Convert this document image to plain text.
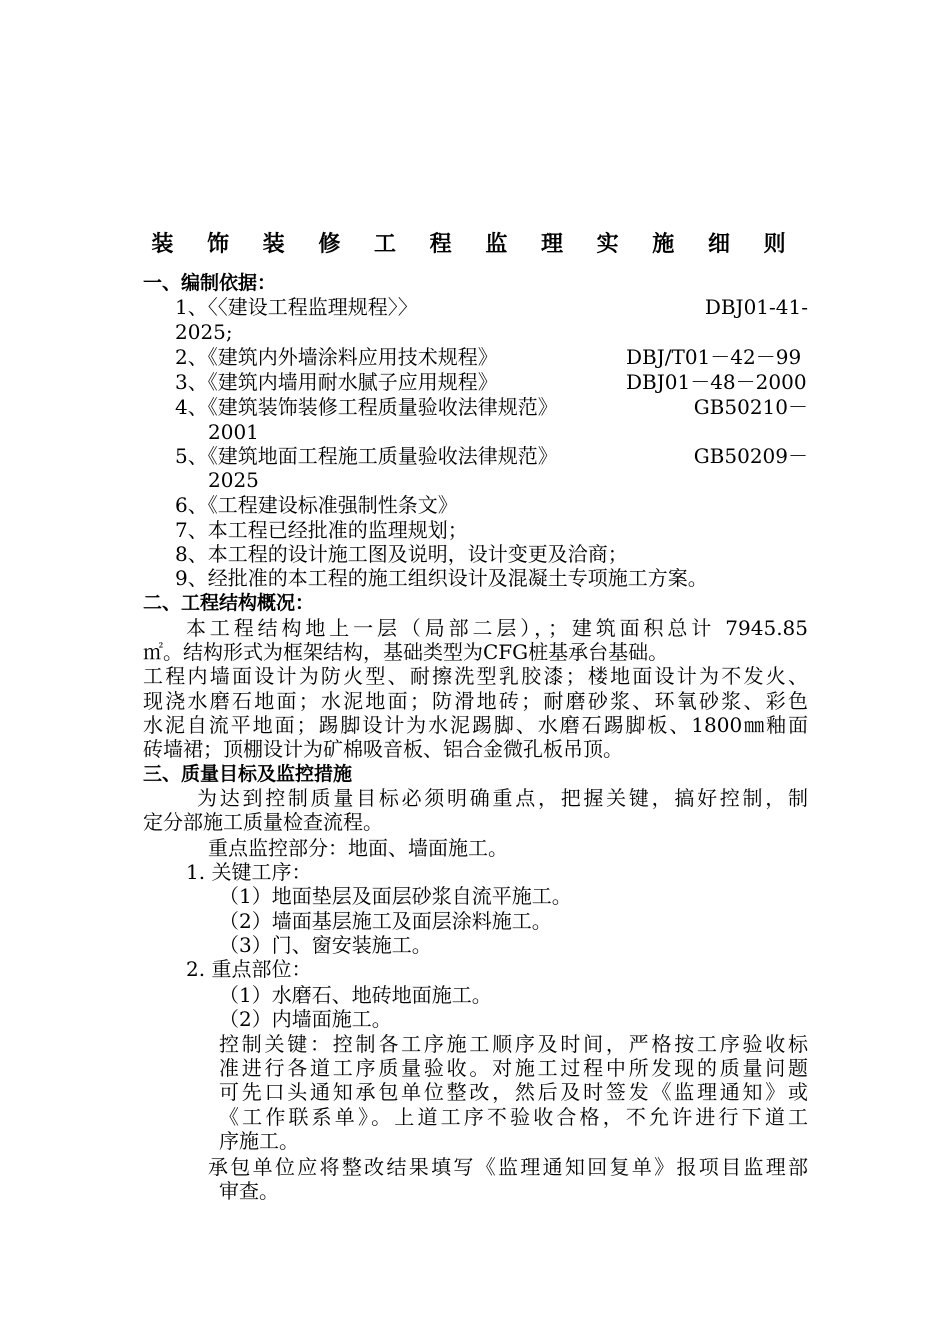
装 饰 装 修 工 程 监 理 实 施 细 则
一、编制依据：
1、〈〈建设工程监理规程〉〉	DBJ01-41-
2025;
2、《建筑内外墙涂料应用技术规程》	DBJ/T01－42－99
3、《建筑内墙用耐水腻子应用规程》	DBJ01－48－2000
4、《建筑装饰装修工程质量验收法律规范》	GB50210－
2001
5、《建筑地面工程施工质量验收法律规范》	GB50209－
2025
6、《工程建设标准强制性条文》
7、本工程已经批准的监理规划；
8、本工程的设计施工图及说明，设计变更及洽商；
9、经批准的本工程的施工组织设计及混凝土专项施工方案。
二、工程结构概况：
本工程结构地上一层（局部二层），；建筑面积总计 7945.85
㎡。结构形式为框架结构，基础类型为CFG桩基承台基础。
工程内墙面设计为防火型、耐擦洗型乳胶漆；楼地面设计为不发火、
现浇水磨石地面；水泥地面；防滑地砖；耐磨砂浆、环氧砂浆、彩色
水泥自流平地面；踢脚设计为水泥踢脚、水磨石踢脚板、1800㎜釉面
砖墙裙；顶棚设计为矿棉吸音板、铝合金微孔板吊顶。
三、质量目标及监控措施
为达到控制质量目标必须明确重点，把握关键，搞好控制，制
定分部施工质量检查流程。
重点监控部分：地面、墙面施工。
1. 关键工序：
（1）地面垫层及面层砂浆自流平施工。
（2）墙面基层施工及面层涂料施工。
（3）门、窗安装施工。
2. 重点部位：
（1）水磨石、地砖地面施工。
（2）内墙面施工。
控制关键：控制各工序施工顺序及时间，严格按工序验收标
准进行各道工序质量验收。对施工过程中所发现的质量问题
可先口头通知承包单位整改，然后及时签发《监理通知》或
《工作联系单》。上道工序不验收合格，不允许进行下道工
序施工。
承包单位应将整改结果填写《监理通知回复单》报项目监理部
审查。
